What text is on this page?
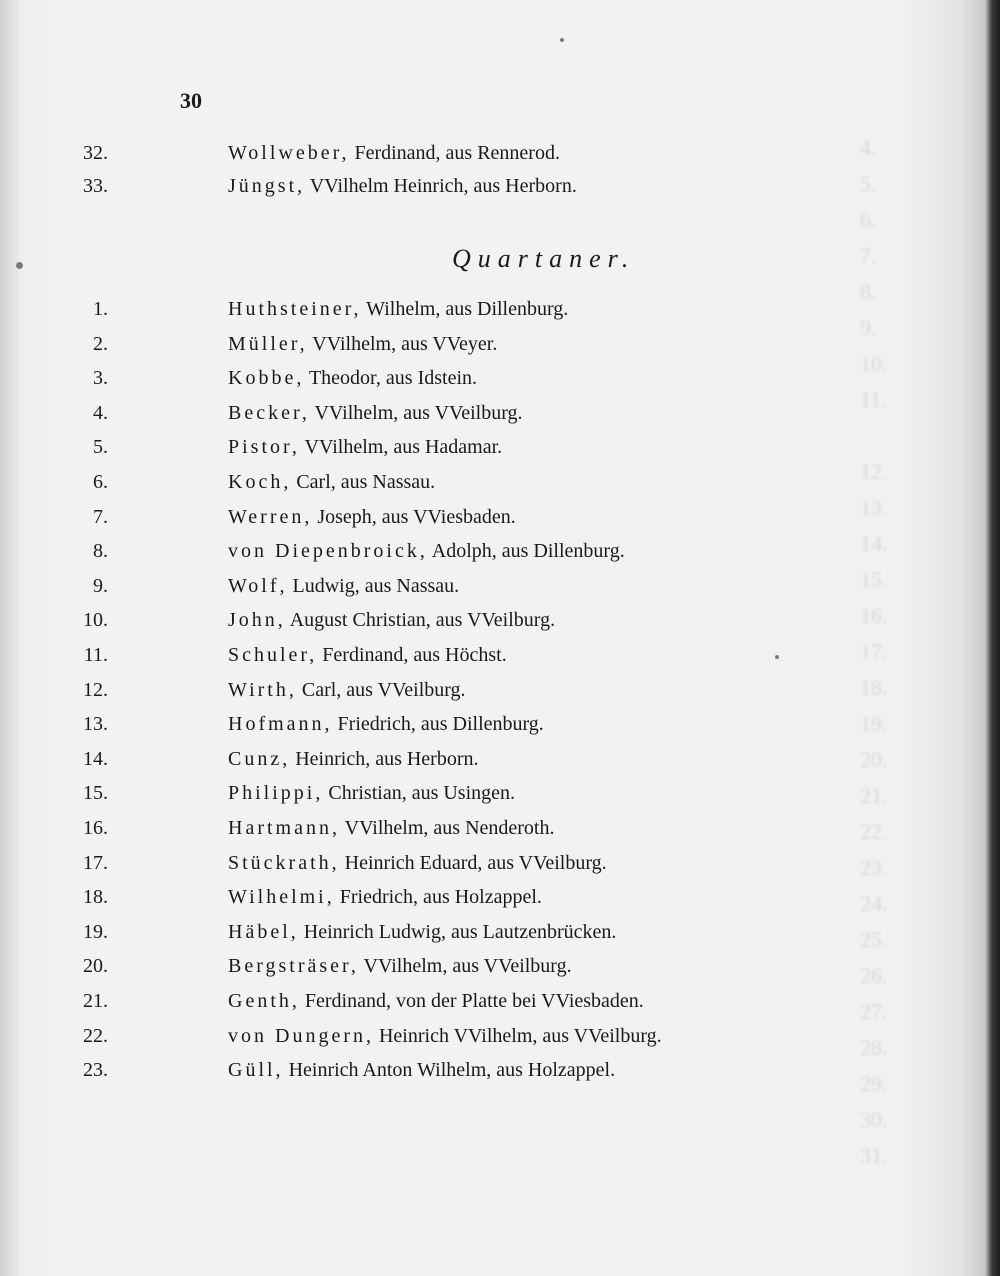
4.
5.
6.
7.
8.
9.
10.
11.

12.
13.
14.
15.
16.
17.
18.
19.
20.
21.
22.
23.
24.
25.
26.
27.
28.
29.
30.
31.
30
32.	Wollweber, Ferdinand, aus Rennerod.
33.	Jüngst, VVilhelm Heinrich, aus Herborn.
Quartaner.
1.	Huthsteiner, Wilhelm, aus Dillenburg.
2.	Müller, VVilhelm, aus VVeyer.
3.	Kobbe, Theodor, aus Idstein.
4.	Becker, VVilhelm, aus VVeilburg.
5.	Pistor, VVilhelm, aus Hadamar.
6.	Koch, Carl, aus Nassau.
7.	Werren, Joseph, aus VViesbaden.
8.	von Diepenbroick, Adolph, aus Dillenburg.
9.	Wolf, Ludwig, aus Nassau.
10.	John, August Christian, aus VVeilburg.
11.	Schuler, Ferdinand, aus Höchst.
12.	Wirth, Carl, aus VVeilburg.
13.	Hofmann, Friedrich, aus Dillenburg.
14.	Cunz, Heinrich, aus Herborn.
15.	Philippi, Christian, aus Usingen.
16.	Hartmann, VVilhelm, aus Nenderoth.
17.	Stückrath, Heinrich Eduard, aus VVeilburg.
18.	Wilhelmi, Friedrich, aus Holzappel.
19.	Häbel, Heinrich Ludwig, aus Lautzenbrücken.
20.	Bergsträser, VVilhelm, aus VVeilburg.
21.	Genth, Ferdinand, von der Platte bei VViesbaden.
22.	von Dungern, Heinrich VVilhelm, aus VVeilburg.
23.	Güll, Heinrich Anton Wilhelm, aus Holzappel.
